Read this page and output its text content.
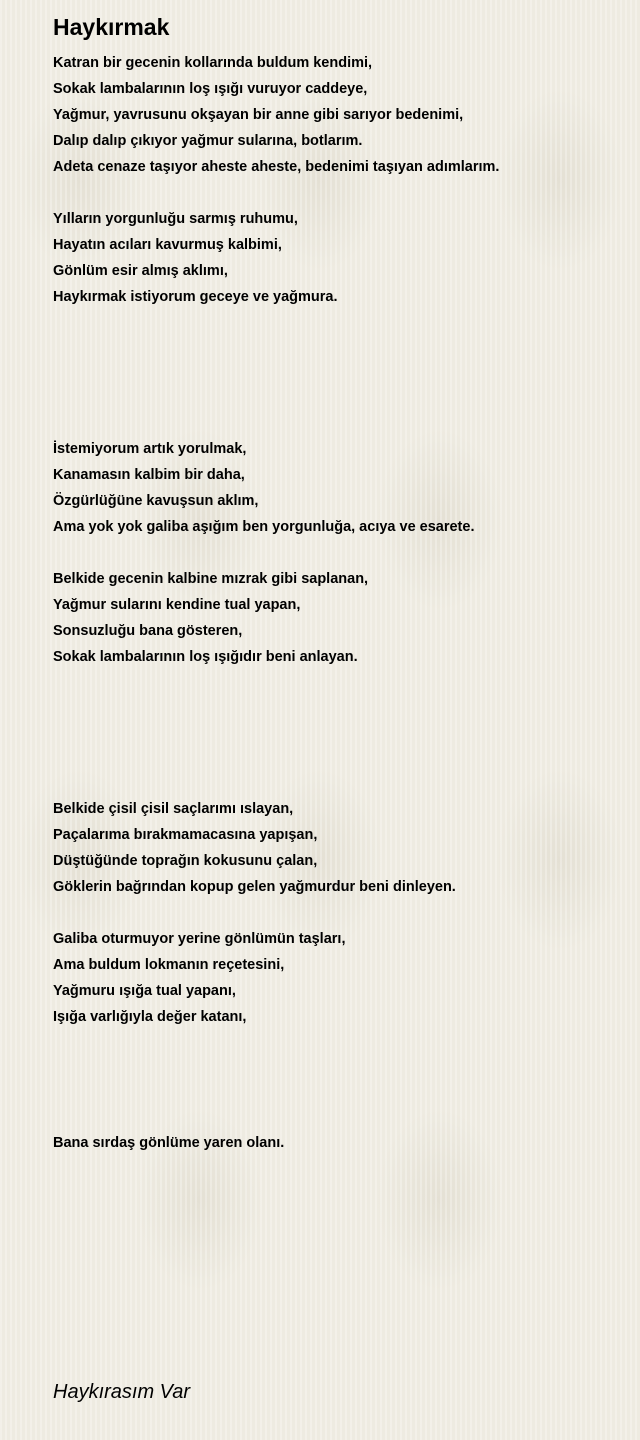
Haykırmak
Katran bir gecenin kollarında buldum kendimi,
Sokak lambalarının loş ışığı vuruyor caddeye,
Yağmur, yavrusunu okşayan bir anne gibi sarıyor bedenimi,
Dalıp dalıp çıkıyor yağmur sularına, botlarım.
Adeta cenaze taşıyor aheste aheste, bedenimi taşıyan adımlarım.
Yılların yorgunluğu sarmış ruhumu,
Hayatın acıları kavurmuş kalbimi,
Gönlüm esir almış aklımı,
Haykırmak istiyorum geceye ve yağmura.
İstemiyorum artık yorulmak,
Kanamasın kalbim bir daha,
Özgürlüğüne kavuşsun aklım,
Ama yok yok galiba aşığım ben yorgunluğa, acıya ve esarete.
Belkide gecenin kalbine mızrak gibi saplanan,
Yağmur sularını kendine tual yapan,
Sonsuzluğu bana gösteren,
Sokak lambalarının loş ışığıdır beni anlayan.
Belkide çisil çisil saçlarımı ıslayan,
Paçalarıma bırakmamacasına yapışan,
Düştüğünde toprağın kokusunu çalan,
Göklerin bağrından kopup gelen yağmurdur beni dinleyen.
Galiba oturmuyor yerine gönlümün taşları,
Ama buldum lokmanın reçetesini,
Yağmuru ışığa tual yapanı,
Işığa varlığıyla değer katanı,
Bana sırdaş gönlüme yaren olanı.
Haykırasım Var
